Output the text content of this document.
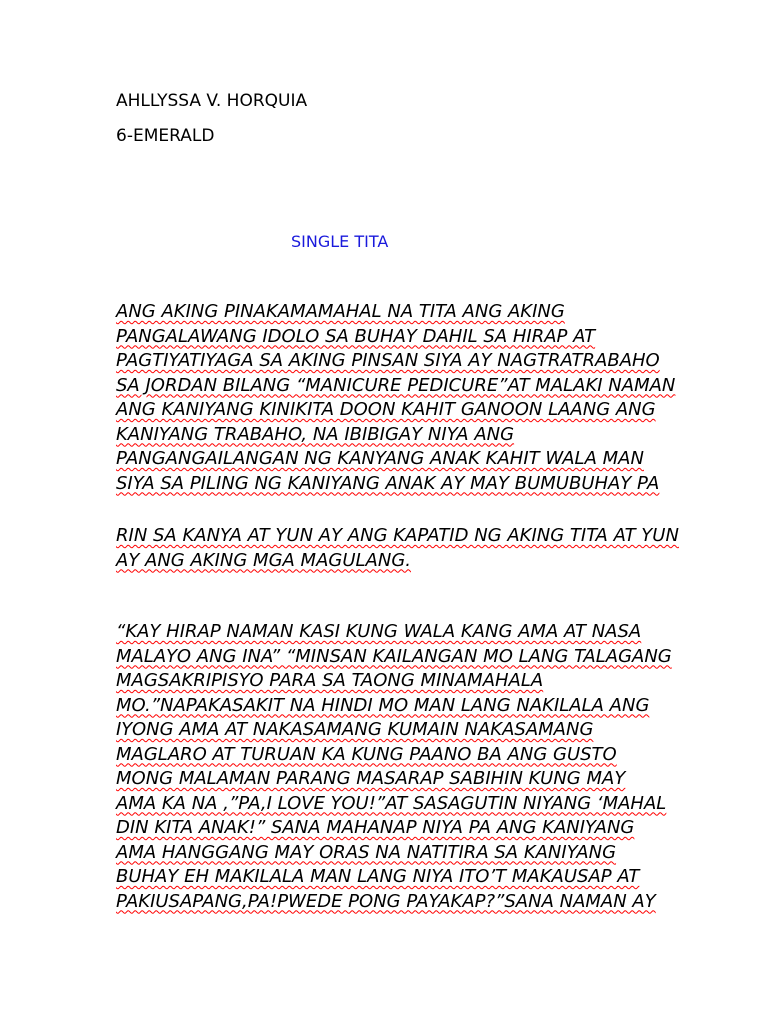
AHLLYSSA V. HORQUIA
6-EMERALD
SINGLE TITA
ANG AKING PINAKAMAMAHAL NA TITA ANG AKING
PANGALAWANG IDOLO SA BUHAY DAHIL SA HIRAP AT
PAGTIYATIYAGA SA AKING PINSAN SIYA AY NAGTRATRABAHO
SA JORDAN BILANG “MANICURE PEDICURE”AT MALAKI NAMAN
ANG KANIYANG KINIKITA DOON KAHIT GANOON LAANG ANG
KANIYANG TRABAHO, NA IBIBIGAY NIYA ANG
PANGANGAILANGAN NG KANYANG ANAK KAHIT WALA MAN
SIYA SA PILING NG KANIYANG ANAK AY MAY BUMUBUHAY PA
RIN SA KANYA AT YUN AY ANG KAPATID NG AKING TITA AT YUN
AY ANG AKING MGA MAGULANG.
“KAY HIRAP NAMAN KASI KUNG WALA KANG AMA AT NASA
MALAYO ANG INA” “MINSAN KAILANGAN MO LANG TALAGANG
MAGSAKRIPISYO PARA SA TAONG MINAMAHALA
MO.”NAPAKASAKIT NA HINDI MO MAN LANG NAKILALA ANG
IYONG AMA AT NAKASAMANG KUMAIN NAKASAMANG
MAGLARO AT TURUAN KA KUNG PAANO BA ANG GUSTO
MONG MALAMAN PARANG MASARAP SABIHIN KUNG MAY
AMA KA NA ,”PA,I LOVE YOU!”AT SASAGUTIN NIYANG ‘MAHAL
DIN KITA ANAK!” SANA MAHANAP NIYA PA ANG KANIYANG
AMA HANGGANG MAY ORAS NA NATITIRA SA KANIYANG
BUHAY EH MAKILALA MAN LANG NIYA ITO’T MAKAUSAP AT
PAKIUSAPANG,PA!PWEDE PONG PAYAKAP?”SANA NAMAN AY
